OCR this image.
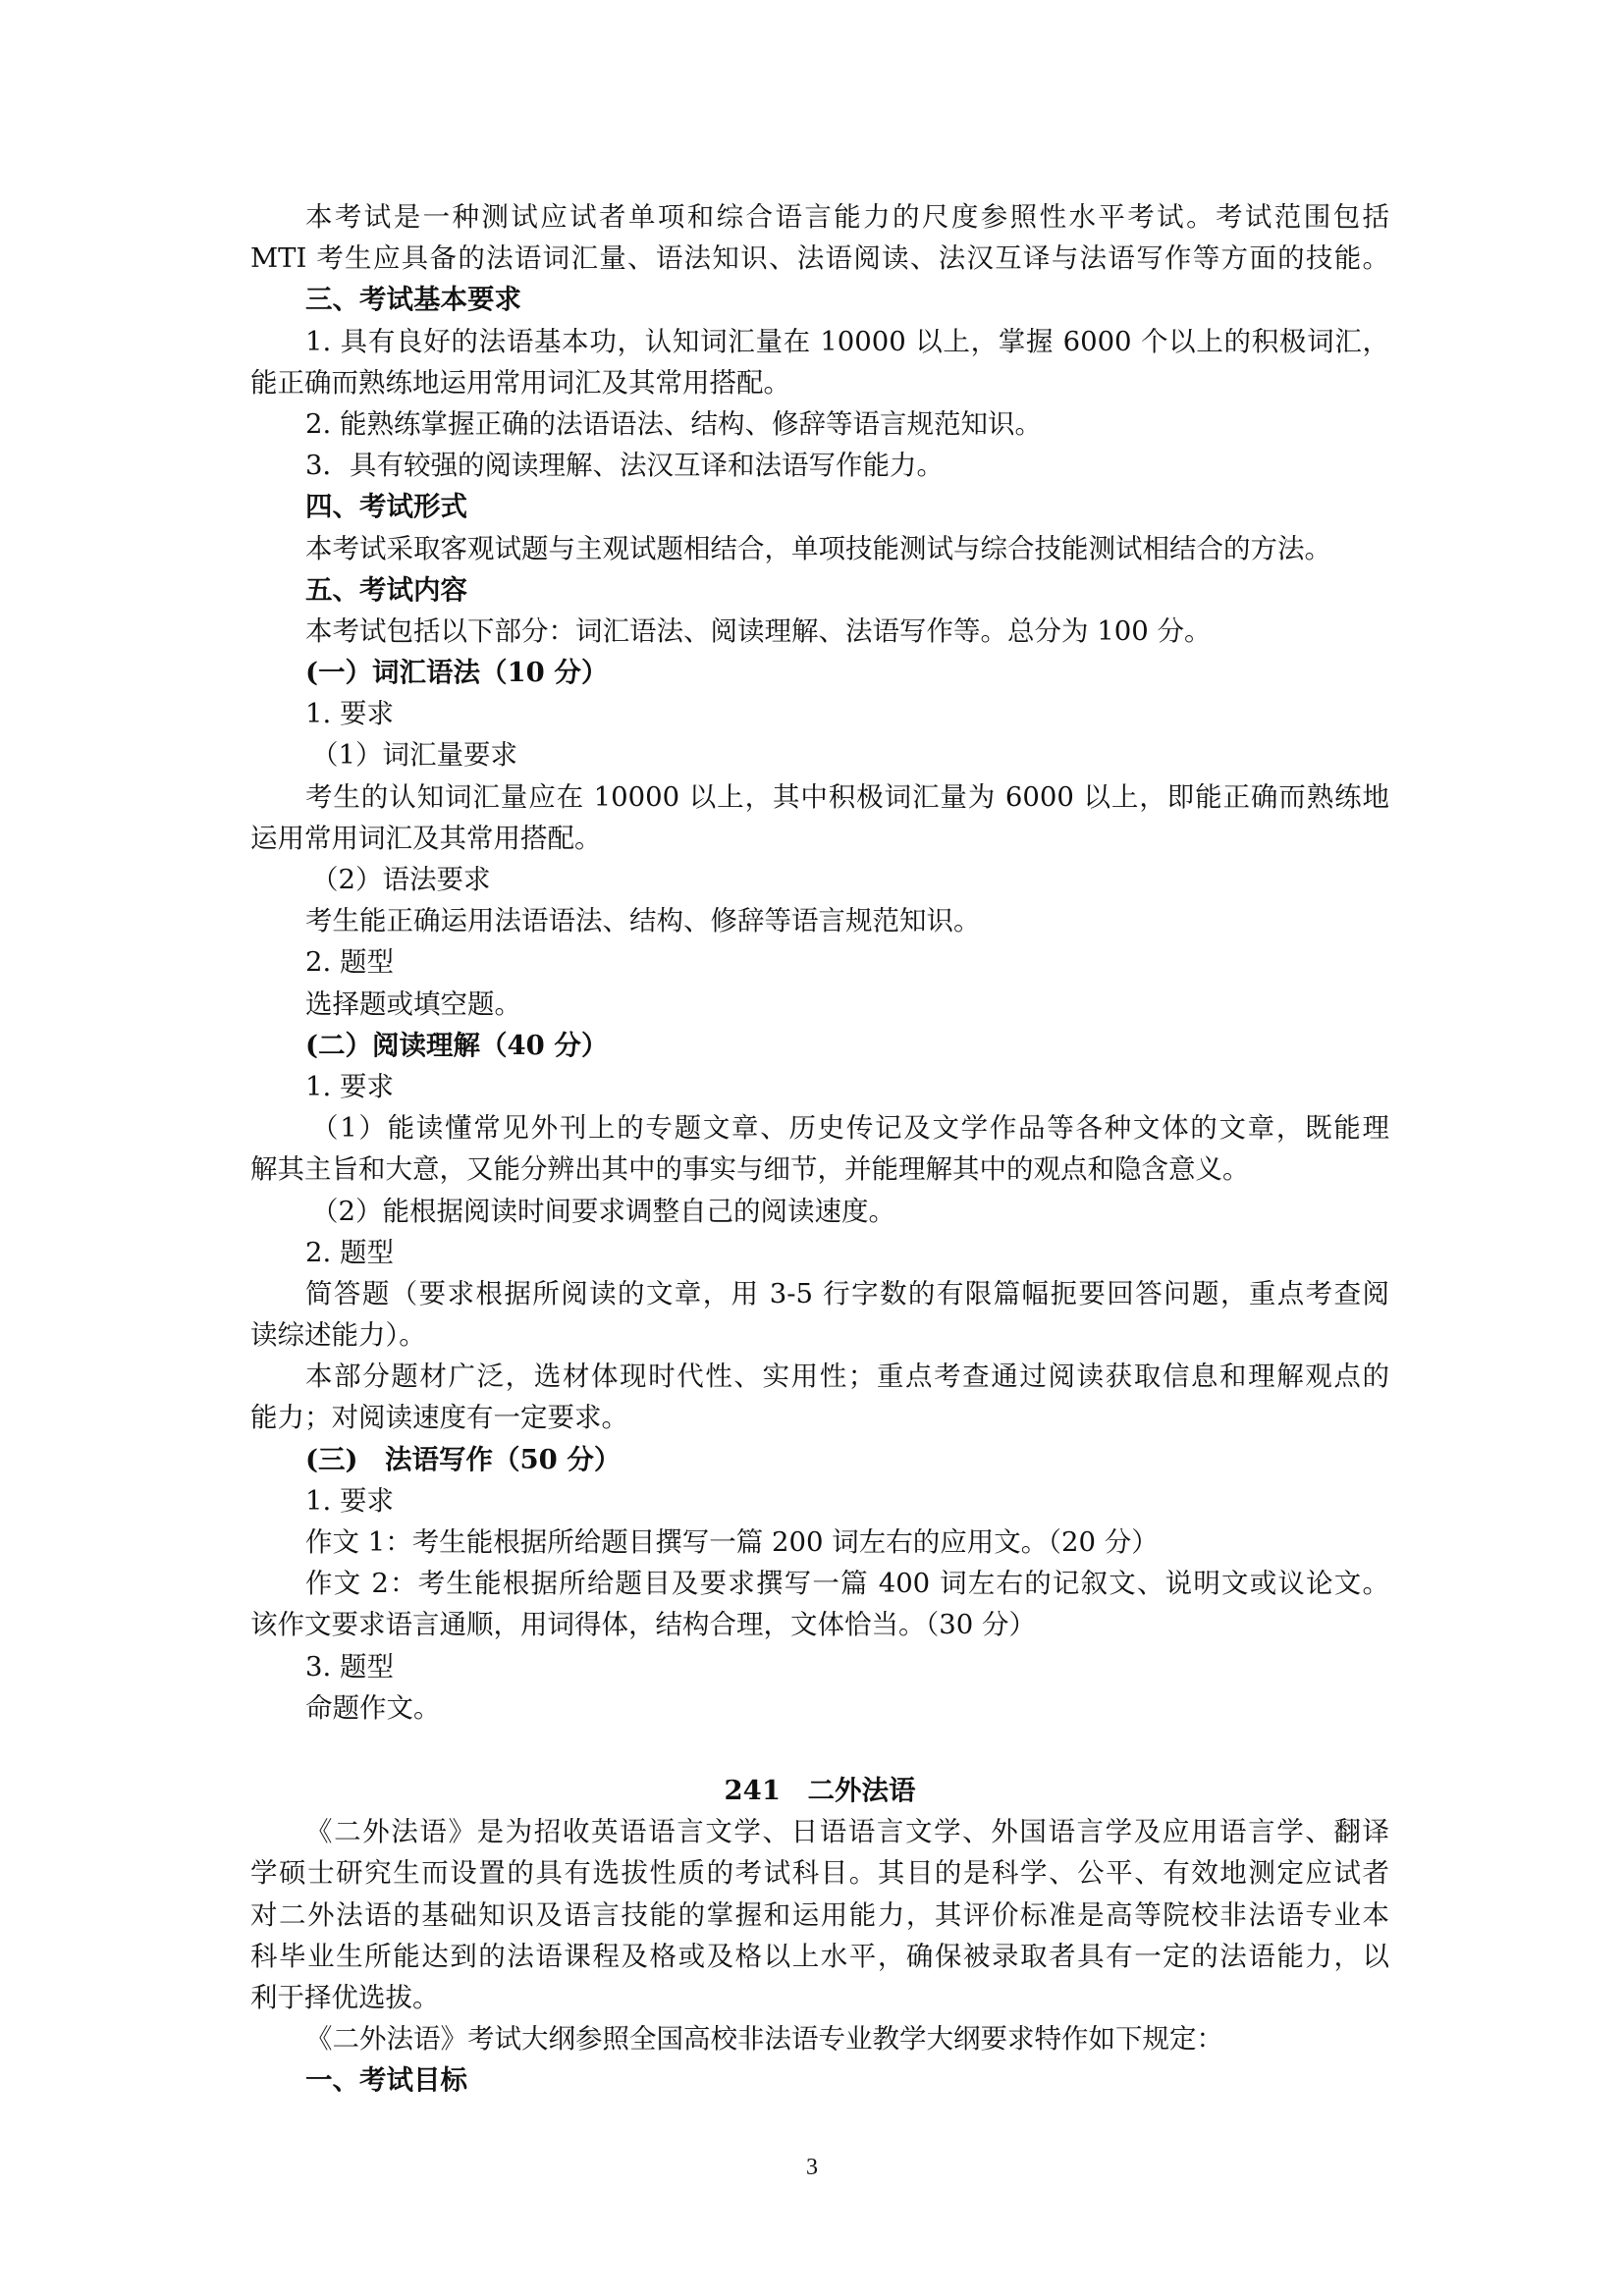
本考试是一种测试应试者单项和综合语言能力的尺度参照性水平考试。考试范围包括
MTI 考生应具备的法语词汇量、语法知识、法语阅读、法汉互译与法语写作等方面的技能。
三、考试基本要求
1. 具有良好的法语基本功，认知词汇量在 10000 以上，掌握 6000 个以上的积极词汇，
能正确而熟练地运用常用词汇及其常用搭配。
2. 能熟练掌握正确的法语语法、结构、修辞等语言规范知识。
3．具有较强的阅读理解、法汉互译和法语写作能力。
四、考试形式
本考试采取客观试题与主观试题相结合，单项技能测试与综合技能测试相结合的方法。
五、考试内容
本考试包括以下部分：词汇语法、阅读理解、法语写作等。总分为 100 分。
(一）词汇语法（10 分）
1. 要求
（1）词汇量要求
考生的认知词汇量应在 10000 以上，其中积极词汇量为 6000 以上，即能正确而熟练地
运用常用词汇及其常用搭配。
（2）语法要求
考生能正确运用法语语法、结构、修辞等语言规范知识。
2. 题型
选择题或填空题。
(二）阅读理解（40 分）
1. 要求
（1）能读懂常见外刊上的专题文章、历史传记及文学作品等各种文体的文章，既能理
解其主旨和大意，又能分辨出其中的事实与细节，并能理解其中的观点和隐含意义。
（2）能根据阅读时间要求调整自己的阅读速度。
2. 题型
简答题（要求根据所阅读的文章，用 3-5 行字数的有限篇幅扼要回答问题，重点考查阅
读综述能力）。
本部分题材广泛，选材体现时代性、实用性；重点考查通过阅读获取信息和理解观点的
能力；对阅读速度有一定要求。
(三)　法语写作（50 分）
1. 要求
作文 1：考生能根据所给题目撰写一篇 200 词左右的应用文。（20 分）
作文 2：考生能根据所给题目及要求撰写一篇 400 词左右的记叙文、说明文或议论文。
该作文要求语言通顺，用词得体，结构合理，文体恰当。（30 分）
3. 题型
命题作文。
241　二外法语
《二外法语》是为招收英语语言文学、日语语言文学、外国语言学及应用语言学、翻译
学硕士研究生而设置的具有选拔性质的考试科目。其目的是科学、公平、有效地测定应试者
对二外法语的基础知识及语言技能的掌握和运用能力，其评价标准是高等院校非法语专业本
科毕业生所能达到的法语课程及格或及格以上水平，确保被录取者具有一定的法语能力，以
利于择优选拔。
《二外法语》考试大纲参照全国高校非法语专业教学大纲要求特作如下规定：
一、考试目标
3
